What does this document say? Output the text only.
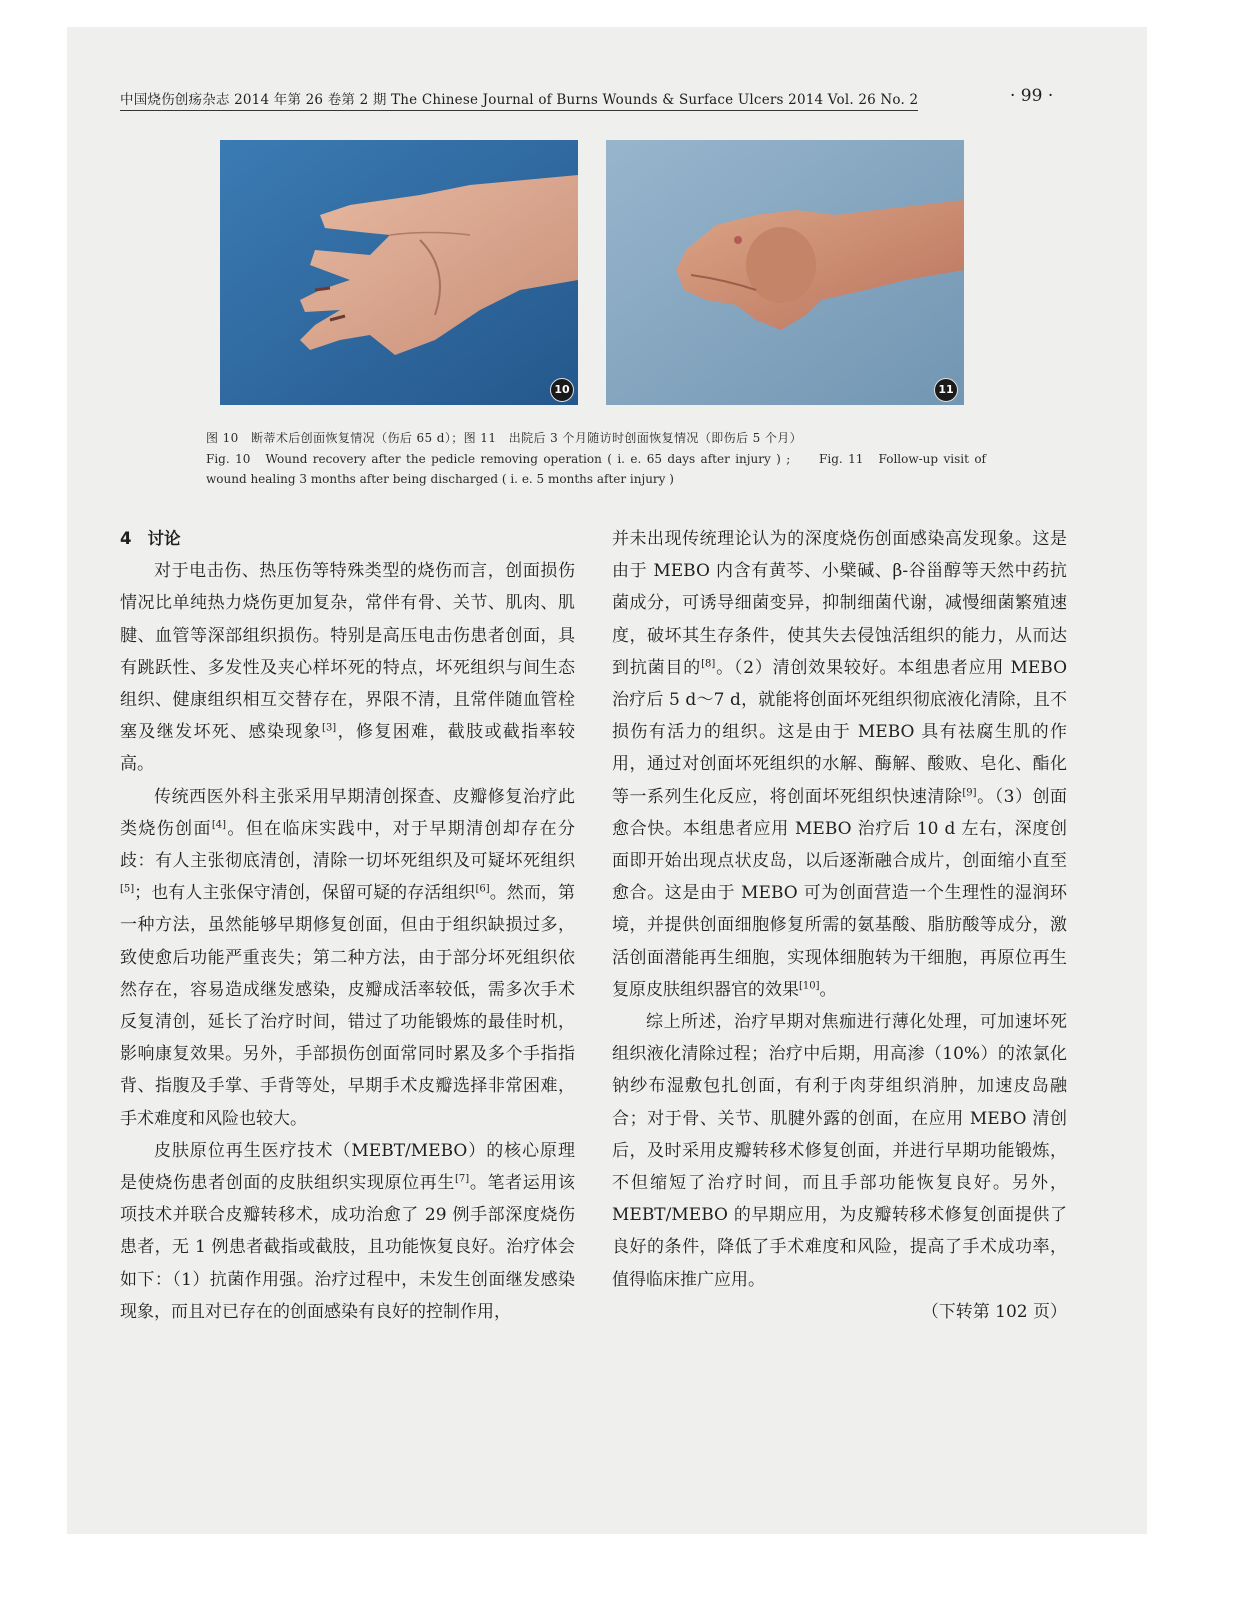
中国烧伤创疡杂志 2014 年第 26 卷第 2 期 The Chinese Journal of Burns Wounds & Surface Ulcers 2014 Vol. 26 No. 2	· 99 ·
10	11
图 10　断蒂术后创面恢复情况（伤后 65 d）；图 11　出院后 3 个月随访时创面恢复情况（即伤后 5 个月）
Fig. 10　Wound recovery after the pedicle removing operation ( i. e. 65 days after injury ) ;　　Fig. 11　Follow-up visit of wound healing 3 months after being discharged ( i. e. 5 months after injury )

4 讨论

对于电击伤、热压伤等特殊类型的烧伤而言，创面损伤情况比单纯热力烧伤更加复杂，常伴有骨、关节、肌肉、肌腱、血管等深部组织损伤。特别是高压电击伤患者创面，具有跳跃性、多发性及夹心样坏死的特点，坏死组织与间生态组织、健康组织相互交替存在，界限不清，且常伴随血管栓塞及继发坏死、感染现象[3]，修复困难，截肢或截指率较高。

传统西医外科主张采用早期清创探查、皮瓣修复治疗此类烧伤创面[4]。但在临床实践中，对于早期清创却存在分歧：有人主张彻底清创，清除一切坏死组织及可疑坏死组织[5]；也有人主张保守清创，保留可疑的存活组织[6]。然而，第一种方法，虽然能够早期修复创面，但由于组织缺损过多，致使愈后功能严重丧失；第二种方法，由于部分坏死组织依然存在，容易造成继发感染，皮瓣成活率较低，需多次手术反复清创，延长了治疗时间，错过了功能锻炼的最佳时机，影响康复效果。另外，手部损伤创面常同时累及多个手指指背、指腹及手掌、手背等处，早期手术皮瓣选择非常困难，手术难度和风险也较大。

皮肤原位再生医疗技术（MEBT/MEBO）的核心原理是使烧伤患者创面的皮肤组织实现原位再生[7]。笔者运用该项技术并联合皮瓣转移术，成功治愈了 29 例手部深度烧伤患者，无 1 例患者截指或截肢，且功能恢复良好。治疗体会如下：（1）抗菌作用强。治疗过程中，未发生创面继发感染现象，而且对已存在的创面感染有良好的控制作用，

并未出现传统理论认为的深度烧伤创面感染高发现象。这是由于 MEBO 内含有黄芩、小檗碱、β-谷甾醇等天然中药抗菌成分，可诱导细菌变异，抑制细菌代谢，减慢细菌繁殖速度，破坏其生存条件，使其失去侵蚀活组织的能力，从而达到抗菌目的[8]。（2）清创效果较好。本组患者应用 MEBO 治疗后 5 d～7 d，就能将创面坏死组织彻底液化清除，且不损伤有活力的组织。这是由于 MEBO 具有祛腐生肌的作用，通过对创面坏死组织的水解、酶解、酸败、皂化、酯化等一系列生化反应，将创面坏死组织快速清除[9]。（3）创面愈合快。本组患者应用 MEBO 治疗后 10 d 左右，深度创面即开始出现点状皮岛，以后逐渐融合成片，创面缩小直至愈合。这是由于 MEBO 可为创面营造一个生理性的湿润环境，并提供创面细胞修复所需的氨基酸、脂肪酸等成分，激活创面潜能再生细胞，实现体细胞转为干细胞，再原位再生复原皮肤组织器官的效果[10]。

综上所述，治疗早期对焦痂进行薄化处理，可加速坏死组织液化清除过程；治疗中后期，用高渗（10%）的浓氯化钠纱布湿敷包扎创面，有利于肉芽组织消肿，加速皮岛融合；对于骨、关节、肌腱外露的创面，在应用 MEBO 清创后，及时采用皮瓣转移术修复创面，并进行早期功能锻炼，不但缩短了治疗时间，而且手部功能恢复良好。另外，MEBT/MEBO 的早期应用，为皮瓣转移术修复创面提供了良好的条件，降低了手术难度和风险，提高了手术成功率，值得临床推广应用。

（下转第 102 页）
